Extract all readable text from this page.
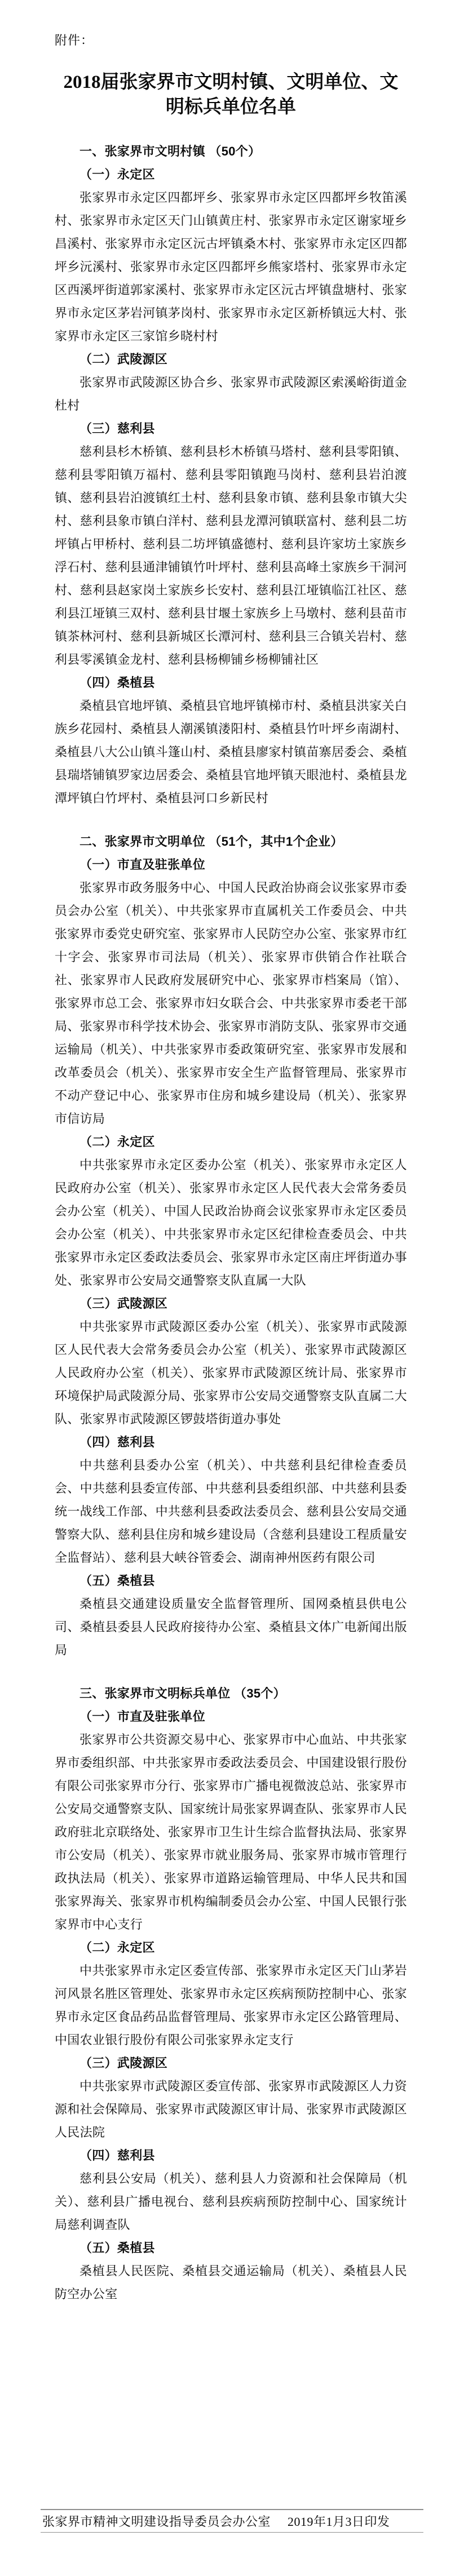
附件：
2018届张家界市文明村镇、文明单位、文明标兵单位名单
一、张家界市文明村镇 （50个）
（一）永定区

张家界市永定区四都坪乡、张家界市永定区四都坪乡牧笛溪村、张家界市永定区天门山镇黄庄村、张家界市永定区谢家垭乡昌溪村、张家界市永定区沅古坪镇桑木村、张家界市永定区四都坪乡沅溪村、张家界市永定区四都坪乡熊家塔村、张家界市永定区西溪坪街道郭家溪村、张家界市永定区沅古坪镇盘塘村、张家界市永定区茅岩河镇茅岗村、张家界市永定区新桥镇远大村、张家界市永定区三家馆乡晓村村

（二）武陵源区

张家界市武陵源区协合乡、张家界市武陵源区索溪峪街道金杜村

（三）慈利县

慈利县杉木桥镇、慈利县杉木桥镇马塔村、慈利县零阳镇、慈利县零阳镇万福村、慈利县零阳镇跑马岗村、慈利县岩泊渡镇、慈利县岩泊渡镇红土村、慈利县象市镇、慈利县象市镇大尖村、慈利县象市镇白洋村、慈利县龙潭河镇联富村、慈利县二坊坪镇占甲桥村、慈利县二坊坪镇盛德村、慈利县许家坊土家族乡浮石村、慈利县通津铺镇竹叶坪村、慈利县高峰土家族乡干洞河村、慈利县赵家岗土家族乡长安村、慈利县江垭镇临江社区、慈利县江垭镇三双村、慈利县甘堰土家族乡上马墩村、慈利县苗市镇茶林河村、慈利县新城区长潭河村、慈利县三合镇关岩村、慈利县零溪镇金龙村、慈利县杨柳铺乡杨柳铺社区

（四）桑植县

桑植县官地坪镇、桑植县官地坪镇梯市村、桑植县洪家关白族乡花园村、桑植县人潮溪镇溇阳村、桑植县竹叶坪乡南湖村、桑植县八大公山镇斗篷山村、桑植县廖家村镇苗寨居委会、桑植县瑞塔铺镇罗家边居委会、桑植县官地坪镇天眼池村、桑植县龙潭坪镇白竹坪村、桑植县河口乡新民村

二、张家界市文明单位 （51个，其中1个企业）
（一）市直及驻张单位

张家界市政务服务中心、中国人民政治协商会议张家界市委员会办公室（机关）、中共张家界市直属机关工作委员会、中共张家界市委党史研究室、张家界市人民防空办公室、张家界市红十字会、张家界市司法局（机关）、张家界市供销合作社联合社、张家界市人民政府发展研究中心、张家界市档案局（馆）、张家界市总工会、张家界市妇女联合会、中共张家界市委老干部局、张家界市科学技术协会、张家界市消防支队、张家界市交通运输局（机关）、中共张家界市委政策研究室、张家界市发展和改革委员会（机关）、张家界市安全生产监督管理局、张家界市不动产登记中心、张家界市住房和城乡建设局（机关）、张家界市信访局

（二）永定区

中共张家界市永定区委办公室（机关）、张家界市永定区人民政府办公室（机关）、张家界市永定区人民代表大会常务委员会办公室（机关）、中国人民政治协商会议张家界市永定区委员会办公室（机关）、中共张家界市永定区纪律检查委员会、中共张家界市永定区委政法委员会、张家界市永定区南庄坪街道办事处、张家界市公安局交通警察支队直属一大队

（三）武陵源区

中共张家界市武陵源区委办公室（机关）、张家界市武陵源区人民代表大会常务委员会办公室（机关）、张家界市武陵源区人民政府办公室（机关）、张家界市武陵源区统计局、张家界市环境保护局武陵源分局、张家界市公安局交通警察支队直属二大队、张家界市武陵源区锣鼓塔街道办事处

（四）慈利县

中共慈利县委办公室（机关）、中共慈利县纪律检查委员会、中共慈利县委宣传部、中共慈利县委组织部、中共慈利县委统一战线工作部、中共慈利县委政法委员会、慈利县公安局交通警察大队、慈利县住房和城乡建设局（含慈利县建设工程质量安全监督站）、慈利县大峡谷管委会、湖南神州医药有限公司

（五）桑植县

桑植县交通建设质量安全监督管理所、国网桑植县供电公司、桑植县委县人民政府接待办公室、桑植县文体广电新闻出版局

三、张家界市文明标兵单位 （35个）
（一）市直及驻张单位

张家界市公共资源交易中心、张家界市中心血站、中共张家界市委组织部、中共张家界市委政法委员会、中国建设银行股份有限公司张家界市分行、张家界市广播电视微波总站、张家界市公安局交通警察支队、国家统计局张家界调查队、张家界市人民政府驻北京联络处、张家界市卫生计生综合监督执法局、张家界市公安局（机关）、张家界市就业服务局、张家界市城市管理行政执法局（机关）、张家界市道路运输管理局、中华人民共和国张家界海关、张家界市机构编制委员会办公室、中国人民银行张家界市中心支行

（二）永定区

中共张家界市永定区委宣传部、张家界市永定区天门山茅岩河风景名胜区管理处、张家界市永定区疾病预防控制中心、张家界市永定区食品药品监督管理局、张家界市永定区公路管理局、中国农业银行股份有限公司张家界永定支行

（三）武陵源区

中共张家界市武陵源区委宣传部、张家界市武陵源区人力资源和社会保障局、张家界市武陵源区审计局、张家界市武陵源区人民法院

（四）慈利县

慈利县公安局（机关）、慈利县人力资源和社会保障局（机关）、慈利县广播电视台、慈利县疾病预防控制中心、国家统计局慈利调查队

（五）桑植县

桑植县人民医院、桑植县交通运输局（机关）、桑植县人民防空办公室

张家界市精神文明建设指导委员会办公室 2019年1月3日印发
